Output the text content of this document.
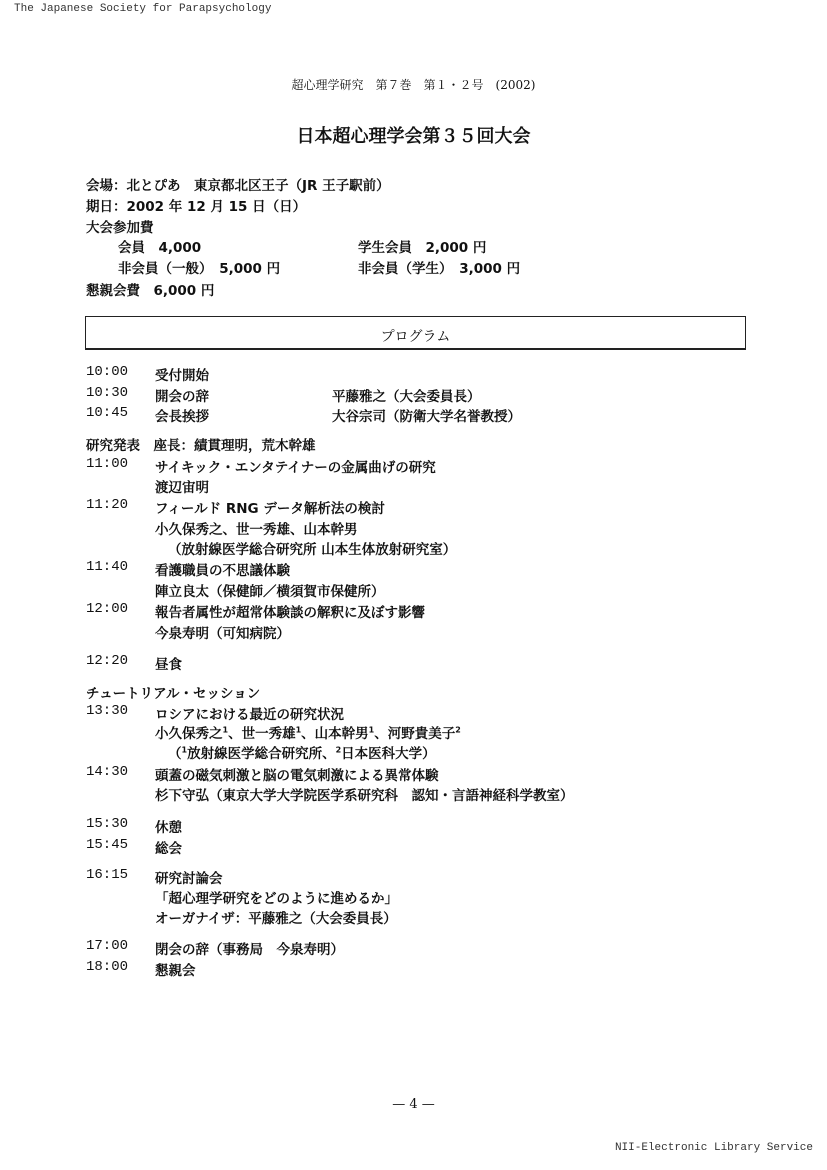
The Japanese Society for Parapsychology
超心理学研究　第７巻　第１・２号　(2002)
日本超心理学会第３５回大会
会場：北とぴあ　東京都北区王子（JR 王子駅前）
期日：2002 年 12 月 15 日（日）
大会参加費
会員　4,000	学生会員　2,000 円
非会員（一般）　5,000 円	非会員（学生）　3,000 円
懇親会費　6,000 円
プログラム
10:00 受付開始
10:30 開会の辞	平藤雅之（大会委員長）
10:45 会長挨拶	大谷宗司（防衛大学名誉教授）
研究発表　座長：績貫理明，荒木幹雄
11:00 サイキック・エンタテイナーの金属曲げの研究
渡辺宙明
11:20 フィールド RNG データ解析法の検討
小久保秀之、世一秀雄、山本幹男
（放射線医学総合研究所 山本生体放射研究室）
11:40 看護職員の不思議体験
陣立良太（保健師／横須賀市保健所）
12:00 報告者属性が超常体験談の解釈に及ぼす影響
今泉寿明（可知病院）
12:20 昼食
チュートリアル・セッション
13:30 ロシアにおける最近の研究状況
小久保秀之$^1$、世一秀雄$^1$、山本幹男$^1$、河野貴美子$^2$
（$^1$放射線医学総合研究所、$^2$日本医科大学）
14:30 頭蓋の磁気刺激と脳の電気刺激による異常体験
杉下守弘（東京大学大学院医学系研究科　認知・言語神経科学教室）
15:30 休憩
15:45 総会
16:15 研究討論会
「超心理学研究をどのように進めるか」
オーガナイザ：平藤雅之（大会委員長）
17:00 閉会の辞（事務局　今泉寿明）
18:00 懇親会
— 4 —
NII-Electronic Library Service
